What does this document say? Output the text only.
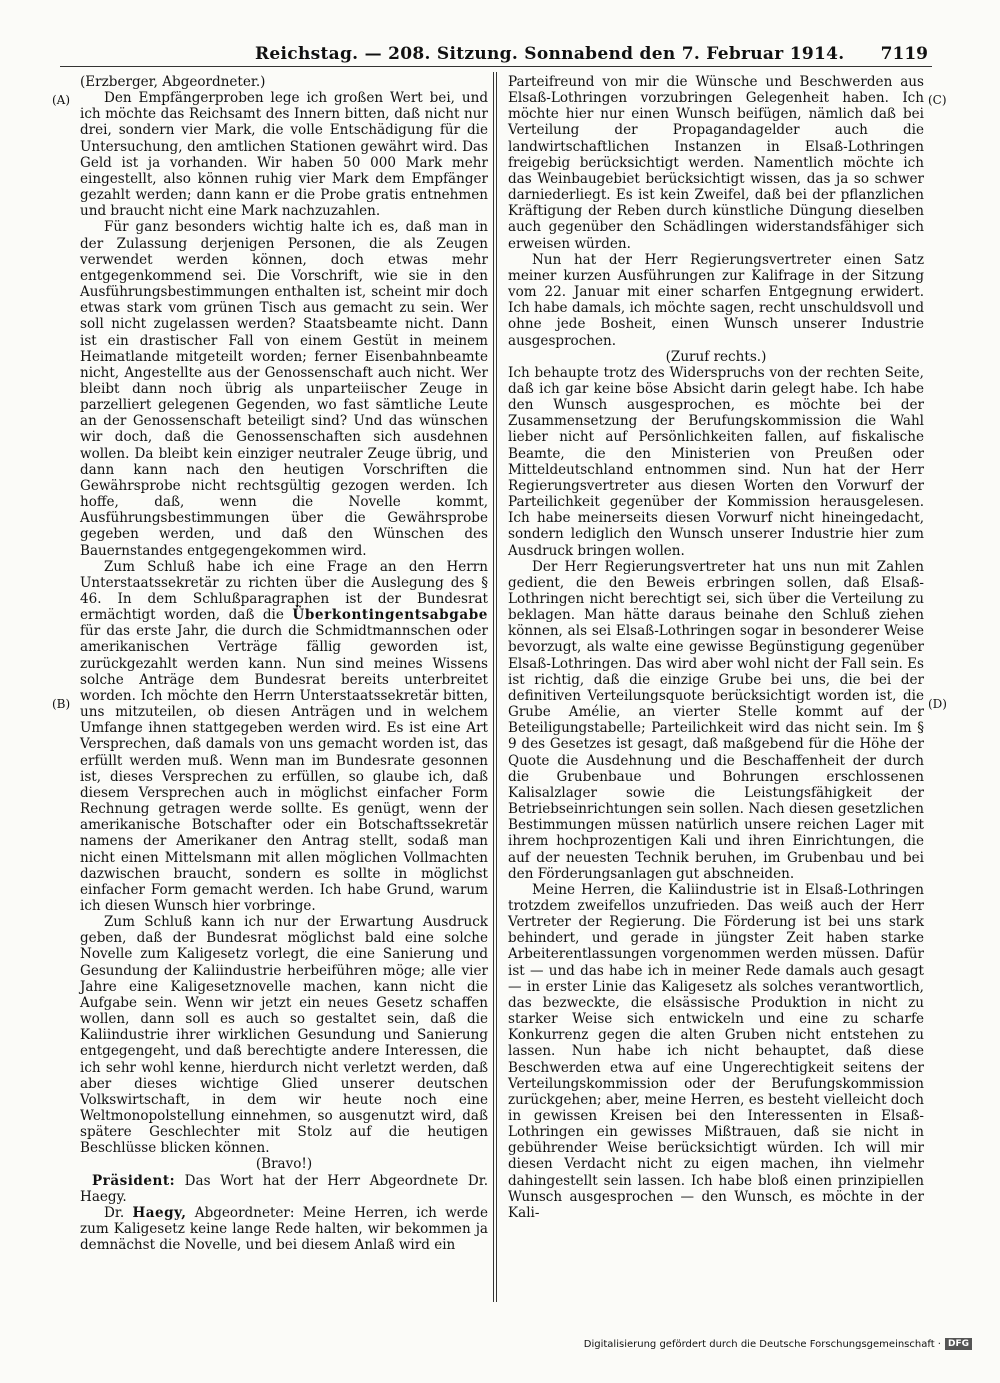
Reichstag. — 208. Sitzung. Sonnabend den 7. Februar 1914. 7119
(A)
(B)
(C)
(D)

(Erzberger, Abgeordneter.)

Den Empfängerproben lege ich großen Wert bei, und ich möchte das Reichsamt des Innern bitten, daß nicht nur drei, sondern vier Mark, die volle Entschädigung für die Untersuchung, den amtlichen Stationen gewährt wird. Das Geld ist ja vorhanden. Wir haben 50 000 Mark mehr eingestellt, also können ruhig vier Mark dem Empfänger gezahlt werden; dann kann er die Probe gratis entnehmen und braucht nicht eine Mark nachzuzahlen.

Für ganz besonders wichtig halte ich es, daß man in der Zulassung derjenigen Personen, die als Zeugen verwendet werden können, doch etwas mehr entgegenkommend sei. Die Vorschrift, wie sie in den Ausführungsbestimmungen enthalten ist, scheint mir doch etwas stark vom grünen Tisch aus gemacht zu sein. Wer soll nicht zugelassen werden? Staatsbeamte nicht. Dann ist ein drastischer Fall von einem Gestüt in meinem Heimatlande mitgeteilt worden; ferner Eisenbahnbeamte nicht, Angestellte aus der Genossenschaft auch nicht. Wer bleibt dann noch übrig als unparteiischer Zeuge in parzelliert gelegenen Gegenden, wo fast sämtliche Leute an der Genossenschaft beteiligt sind? Und das wünschen wir doch, daß die Genossenschaften sich ausdehnen wollen. Da bleibt kein einziger neutraler Zeuge übrig, und dann kann nach den heutigen Vorschriften die Gewährsprobe nicht rechtsgültig gezogen werden. Ich hoffe, daß, wenn die Novelle kommt, Ausführungsbestimmungen über die Gewährsprobe gegeben werden, und daß den Wünschen des Bauernstandes entgegengekommen wird.

Zum Schluß habe ich eine Frage an den Herrn Unterstaatssekretär zu richten über die Auslegung des § 46. In dem Schlußparagraphen ist der Bundesrat ermächtigt worden, daß die Überkontingentsabgabe für das erste Jahr, die durch die Schmidtmannschen oder amerikanischen Verträge fällig geworden ist, zurückgezahlt werden kann. Nun sind meines Wissens solche Anträge dem Bundesrat bereits unterbreitet worden. Ich möchte den Herrn Unterstaatssekretär bitten, uns mitzuteilen, ob diesen Anträgen und in welchem Umfange ihnen stattgegeben werden wird. Es ist eine Art Versprechen, daß damals von uns gemacht worden ist, das erfüllt werden muß. Wenn man im Bundesrate gesonnen ist, dieses Versprechen zu erfüllen, so glaube ich, daß diesem Versprechen auch in möglichst einfacher Form Rechnung getragen werde sollte. Es genügt, wenn der amerikanische Botschafter oder ein Botschaftssekretär namens der Amerikaner den Antrag stellt, sodaß man nicht einen Mittelsmann mit allen möglichen Vollmachten dazwischen braucht, sondern es sollte in möglichst einfacher Form gemacht werden. Ich habe Grund, warum ich diesen Wunsch hier vorbringe.

Zum Schluß kann ich nur der Erwartung Ausdruck geben, daß der Bundesrat möglichst bald eine solche Novelle zum Kaligesetz vorlegt, die eine Sanierung und Gesundung der Kaliindustrie herbeiführen möge; alle vier Jahre eine Kaligesetznovelle machen, kann nicht die Aufgabe sein. Wenn wir jetzt ein neues Gesetz schaffen wollen, dann soll es auch so gestaltet sein, daß die Kaliindustrie ihrer wirklichen Gesundung und Sanierung entgegengeht, und daß berechtigte andere Interessen, die ich sehr wohl kenne, hierdurch nicht verletzt werden, daß aber dieses wichtige Glied unserer deutschen Volkswirtschaft, in dem wir heute noch eine Weltmonopolstellung einnehmen, so ausgenutzt wird, daß spätere Geschlechter mit Stolz auf die heutigen Beschlüsse blicken können.

(Bravo!)

Präsident: Das Wort hat der Herr Abgeordnete Dr. Haegy.

Dr. Haegy, Abgeordneter: Meine Herren, ich werde zum Kaligesetz keine lange Rede halten, wir bekommen ja demnächst die Novelle, und bei diesem Anlaß wird ein

Parteifreund von mir die Wünsche und Beschwerden aus Elsaß-Lothringen vorzubringen Gelegenheit haben. Ich möchte hier nur einen Wunsch beifügen, nämlich daß bei Verteilung der Propagandagelder auch die landwirtschaftlichen Instanzen in Elsaß-Lothringen freigebig berücksichtigt werden. Namentlich möchte ich das Weinbaugebiet berücksichtigt wissen, das ja so schwer darniederliegt. Es ist kein Zweifel, daß bei der pflanzlichen Kräftigung der Reben durch künstliche Düngung dieselben auch gegenüber den Schädlingen widerstandsfähiger sich erweisen würden.

Nun hat der Herr Regierungsvertreter einen Satz meiner kurzen Ausführungen zur Kalifrage in der Sitzung vom 22. Januar mit einer scharfen Entgegnung erwidert. Ich habe damals, ich möchte sagen, recht unschuldsvoll und ohne jede Bosheit, einen Wunsch unserer Industrie ausgesprochen.

(Zuruf rechts.)

Ich behaupte trotz des Widerspruchs von der rechten Seite, daß ich gar keine böse Absicht darin gelegt habe. Ich habe den Wunsch ausgesprochen, es möchte bei der Zusammensetzung der Berufungskommission die Wahl lieber nicht auf Persönlichkeiten fallen, auf fiskalische Beamte, die den Ministerien von Preußen oder Mitteldeutschland entnommen sind. Nun hat der Herr Regierungsvertreter aus diesen Worten den Vorwurf der Parteilichkeit gegenüber der Kommission herausgelesen. Ich habe meinerseits diesen Vorwurf nicht hineingedacht, sondern lediglich den Wunsch unserer Industrie hier zum Ausdruck bringen wollen.

Der Herr Regierungsvertreter hat uns nun mit Zahlen gedient, die den Beweis erbringen sollen, daß Elsaß-Lothringen nicht berechtigt sei, sich über die Verteilung zu beklagen. Man hätte daraus beinahe den Schluß ziehen können, als sei Elsaß-Lothringen sogar in besonderer Weise bevorzugt, als walte eine gewisse Begünstigung gegenüber Elsaß-Lothringen. Das wird aber wohl nicht der Fall sein. Es ist richtig, daß die einzige Grube bei uns, die bei der definitiven Verteilungsquote berücksichtigt worden ist, die Grube Amélie, an vierter Stelle kommt auf der Beteiligungstabelle; Parteilichkeit wird das nicht sein. Im § 9 des Gesetzes ist gesagt, daß maßgebend für die Höhe der Quote die Ausdehnung und die Beschaffenheit der durch die Grubenbaue und Bohrungen erschlossenen Kalisalzlager sowie die Leistungsfähigkeit der Betriebseinrichtungen sein sollen. Nach diesen gesetzlichen Bestimmungen müssen natürlich unsere reichen Lager mit ihrem hochprozentigen Kali und ihren Einrichtungen, die auf der neuesten Technik beruhen, im Grubenbau und bei den Förderungsanlagen gut abschneiden.

Meine Herren, die Kaliindustrie ist in Elsaß-Lothringen trotzdem zweifellos unzufrieden. Das weiß auch der Herr Vertreter der Regierung. Die Förderung ist bei uns stark behindert, und gerade in jüngster Zeit haben starke Arbeiterentlassungen vorgenommen werden müssen. Dafür ist — und das habe ich in meiner Rede damals auch gesagt — in erster Linie das Kaligesetz als solches verantwortlich, das bezweckte, die elsässische Produktion in nicht zu starker Weise sich entwickeln und eine zu scharfe Konkurrenz gegen die alten Gruben nicht entstehen zu lassen. Nun habe ich nicht behauptet, daß diese Beschwerden etwa auf eine Ungerechtigkeit seitens der Verteilungskommission oder der Berufungskommission zurückgehen; aber, meine Herren, es besteht vielleicht doch in gewissen Kreisen bei den Interessenten in Elsaß-Lothringen ein gewisses Mißtrauen, daß sie nicht in gebührender Weise berücksichtigt würden. Ich will mir diesen Verdacht nicht zu eigen machen, ihn vielmehr dahingestellt sein lassen. Ich habe bloß einen prinzipiellen Wunsch ausgesprochen — den Wunsch, es möchte in der Kali-

Digitalisierung gefördert durch die Deutsche Forschungsgemeinschaft · DFG
